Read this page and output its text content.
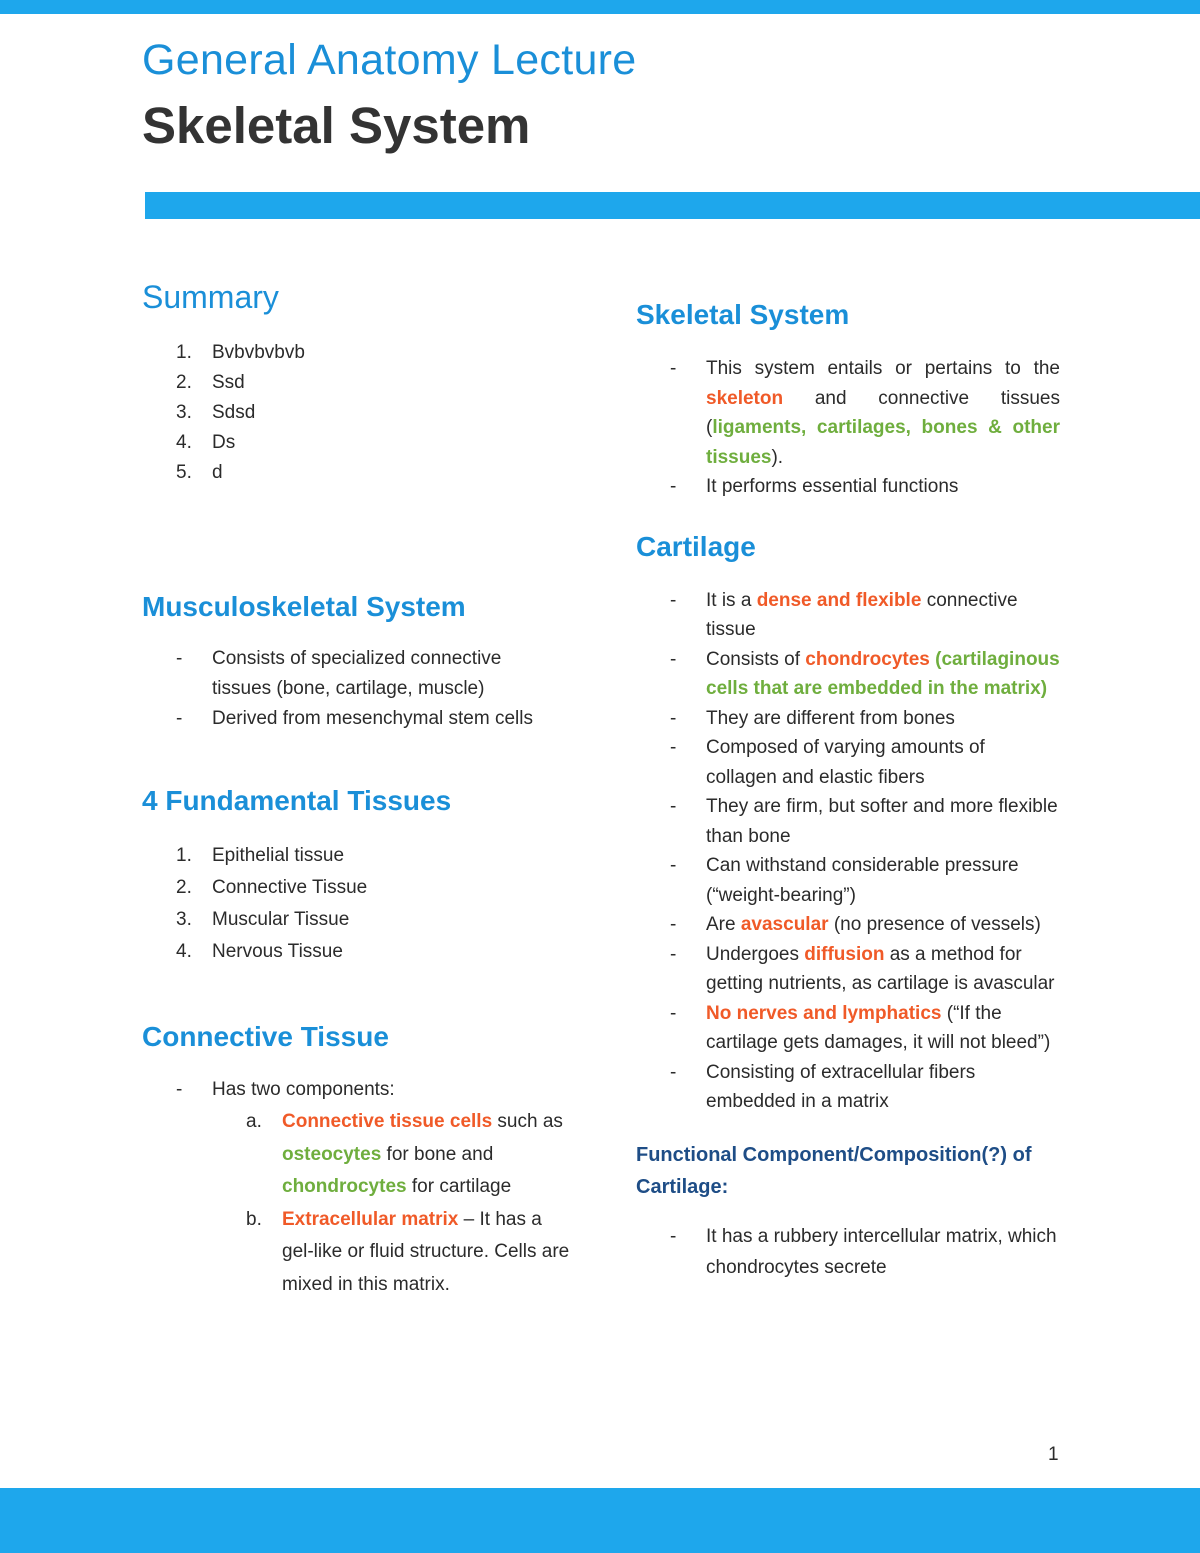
General Anatomy Lecture
Skeletal System
Summary
1. Bvbvbvbvb
2. Ssd
3. Sdsd
4. Ds
5. d
Musculoskeletal System
- Consists of specialized connective tissues (bone, cartilage, muscle)
- Derived from mesenchymal stem cells
4 Fundamental Tissues
1. Epithelial tissue
2. Connective Tissue
3. Muscular Tissue
4. Nervous Tissue
Connective Tissue
- Has two components:
a. Connective tissue cells such as osteocytes for bone and chondrocytes for cartilage
b. Extracellular matrix – It has a gel-like or fluid structure. Cells are mixed in this matrix.
Skeletal System
- This system entails or pertains to the skeleton and connective tissues (ligaments, cartilages, bones & other tissues).
- It performs essential functions
Cartilage
- It is a dense and flexible connective tissue
- Consists of chondrocytes (cartilaginous cells that are embedded in the matrix)
- They are different from bones
- Composed of varying amounts of collagen and elastic fibers
- They are firm, but softer and more flexible than bone
- Can withstand considerable pressure (“weight-bearing”)
- Are avascular (no presence of vessels)
- Undergoes diffusion as a method for getting nutrients, as cartilage is avascular
- No nerves and lymphatics (“If the cartilage gets damages, it will not bleed”)
- Consisting of extracellular fibers embedded in a matrix
Functional Component/Composition(?) of Cartilage:
- It has a rubbery intercellular matrix, which chondrocytes secrete
1
